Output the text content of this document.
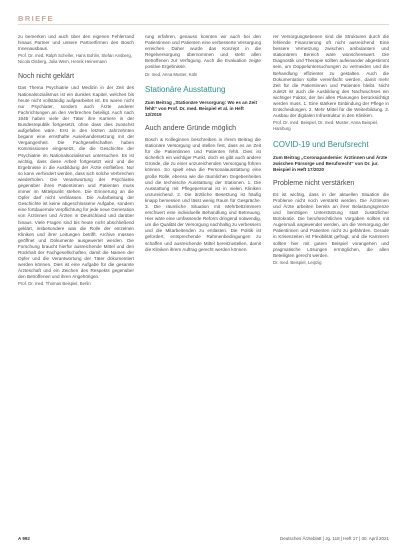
BRIEFE

zu bemerken und auch über den eigenen Fehlerrand hinaus Partner und unsere Partnerfirmen des Bosch Innenausbaus.

Prof. Dr. med. Ralph Scheller, Hans Bohlin, Stefan Ansberg, Nicola Olsberg, Julia Wern, Henrik Heinemann
Noch nicht geklärt

Das Thema Psychiatrie und Medizin in der Zeit des Nationalsozialismus ist ein dunkles Kapitel, welches bis heute nicht vollständig aufgearbeitet ist. Es waren nicht nur Psychiater, sondern auch Ärzte anderer Fachrichtungen an den Verbrechen beteiligt. Auch nach 1945 haben viele der Täter ihre Karriere in der Bundesrepublik fortgesetzt, ohne dass dies zunächst aufgefallen wäre. Erst in den letzten Jahrzehnten begann eine ernsthafte Auseinandersetzung mit der Vergangenheit. Die Fachgesellschaften haben Kommissionen eingesetzt, die die Geschichte der Psychiatrie im Nationalsozialismus untersuchen. Es ist wichtig, dass diese Arbeit fortgesetzt wird und die Ergebnisse in die Ausbildung der Ärzte einfließen. Nur so kann verhindert werden, dass sich solche Verbrechen wiederholen. Die Verantwortung der Psychiatrie gegenüber ihren Patientinnen und Patienten muss immer im Mittelpunkt stehen. Die Erinnerung an die Opfer darf nicht verblassen. Die Aufarbeitung der Geschichte ist keine abgeschlossene Aufgabe, sondern eine fortdauernde Verpflichtung für jede neue Generation von Ärztinnen und Ärzten in Deutschland und darüber hinaus. Viele Fragen sind bis heute nicht abschließend geklärt, insbesondere was die Rolle der einzelnen Kliniken und ihrer Leitungen betrifft. Archive müssen geöffnet und Dokumente ausgewertet werden. Die Forschung braucht hierfür ausreichende Mittel und den Rückhalt der Fachgesellschaften, damit die Namen der Opfer und die Verantwortung der Täter dokumentiert werden können. Dies ist eine Aufgabe für die gesamte Ärzteschaft und ein Zeichen des Respekts gegenüber den Betroffenen und ihren Angehörigen.

Prof. Dr. med. Thomas Beispiel, Berlin

rung erfahren, genauso konnten wir auch bei den Patientinnen und Patienten eine verbesserte Versorgung erreichen. Daher wurde das Konzept in die Regelversorgung übernommen und steht allen Betroffenen zur Verfügung. Auch die Evaluation zeigte positive Ergebnisse.

Dr. med. Anna Muster, Köln
Stationäre Ausstattung
Zum Beitrag „Stationäre Versorgung: Wo es an Zeit fehlt“ von Prof. Dr. med. Beispiel et al. in Heft 12/2019
Auch andere Gründe möglich

Bosch & Kolleginnen beschreiben in ihrem Beitrag die stationäre Versorgung und stellen fest, dass es an Zeit für die Patientinnen und Patienten fehlt. Dies ist sicherlich ein wichtiger Punkt, doch es gibt auch andere Gründe, die zu einer unzureichenden Versorgung führen können. So spielt etwa die Personalausstattung eine große Rolle, ebenso wie die räumlichen Gegebenheiten und die technische Ausstattung der Stationen. 1. Die Ausstattung mit Pflegepersonal ist in vielen Kliniken unzureichend. 2. Die ärztliche Besetzung ist häufig knapp bemessen und lässt wenig Raum für Gespräche. 3. Die räumliche Situation mit Mehrbettzimmern erschwert eine individuelle Behandlung und Betreuung. Hier wäre eine umfassende Reform dringend notwendig, um die Qualität der Versorgung nachhaltig zu verbessern und die Mitarbeitenden zu entlasten. Die Politik ist gefordert, entsprechende Rahmenbedingungen zu schaffen und ausreichende Mittel bereitzustellen, damit die Kliniken ihrem Auftrag gerecht werden können.

rer Versorgungsebenen sind die Strukturen durch die fehlende Finanzierung oft nicht ausreichend. Eine bessere Vernetzung zwischen ambulantem und stationärem Bereich wäre wünschenswert. Die Diagnostik und Therapie sollten aufeinander abgestimmt sein, um Doppeluntersuchungen zu vermeiden und die Behandlung effizienter zu gestalten. Auch die Dokumentation sollte vereinfacht werden, damit mehr Zeit für die Patientinnen und Patienten bleibt. Nicht zuletzt ist auch die Ausbildung des Nachwuchses ein wichtiger Faktor, der bei allen Planungen berücksichtigt werden muss. 1. Eine stärkere Einbindung der Pflege in Entscheidungen. 2. Mehr Mittel für die Weiterbildung. 3. Ausbau der digitalen Infrastruktur in den Kliniken.

Prof. Dr. med. Beispiel, Dr. med. Muster, Anna Beispiel, Hamburg
COVID-19 und Berufsrecht
Zum Beitrag „Coronapandemie: Ärztinnen und Ärzte zwischen Fürsorge und Berufsrecht“ von Dr. jur. Beispiel in Heft 17/2020
Probleme nicht verstärken

Es ist wichtig, dass in der aktuellen Situation die Probleme nicht noch verstärkt werden. Die Ärztinnen und Ärzte arbeiten bereits an ihrer Belastungsgrenze und benötigen Unterstützung statt zusätzlicher Bürokratie. Die berufsrechtlichen Vorgaben sollten mit Augenmaß angewendet werden, um die Versorgung der Patientinnen und Patienten nicht zu gefährden. Gerade in Krisenzeiten ist Flexibilität gefragt, und die Kammern sollten hier mit gutem Beispiel vorangehen und pragmatische Lösungen ermöglichen, die allen Beteiligten gerecht werden.

Dr. med. Beispiel, Leipzig
A 992	Deutsches Ärzteblatt | Jg. 118 | Heft 17 | 30. April 2021
